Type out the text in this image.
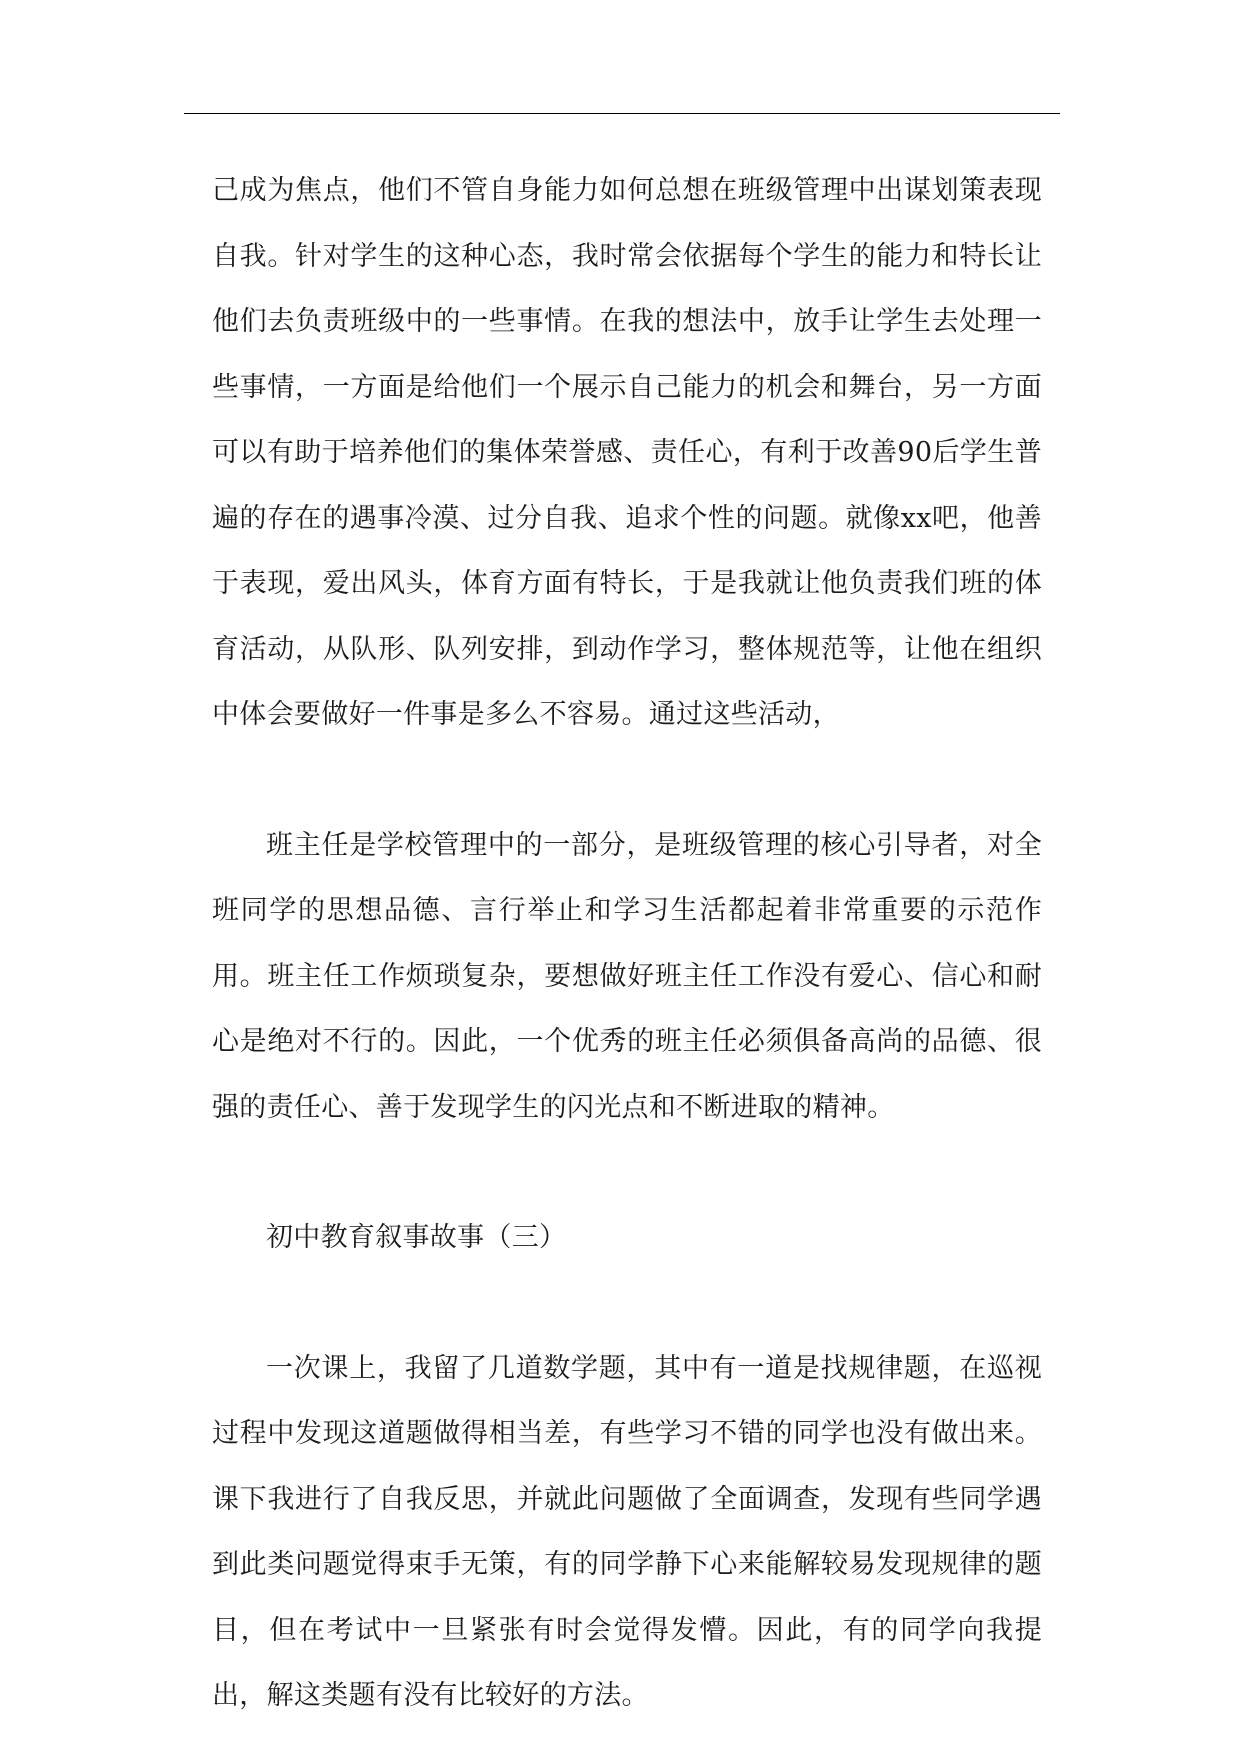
己成为焦点，他们不管自身能力如何总想在班级管理中出谋划策表现自我。针对学生的这种心态，我时常会依据每个学生的能力和特长让他们去负责班级中的一些事情。在我的想法中，放手让学生去处理一些事情，一方面是给他们一个展示自己能力的机会和舞台，另一方面可以有助于培养他们的集体荣誉感、责任心，有利于改善90后学生普遍的存在的遇事冷漠、过分自我、追求个性的问题。就像xx吧，他善于表现，爱出风头，体育方面有特长，于是我就让他负责我们班的体育活动，从队形、队列安排，到动作学习，整体规范等，让他在组织中体会要做好一件事是多么不容易。通过这些活动，

班主任是学校管理中的一部分，是班级管理的核心引导者，对全班同学的思想品德、言行举止和学习生活都起着非常重要的示范作用。班主任工作烦琐复杂，要想做好班主任工作没有爱心、信心和耐心是绝对不行的。因此，一个优秀的班主任必须俱备高尚的品德、很强的责任心、善于发现学生的闪光点和不断进取的精神。

初中教育叙事故事（三）

一次课上，我留了几道数学题，其中有一道是找规律题，在巡视过程中发现这道题做得相当差，有些学习不错的同学也没有做出来。课下我进行了自我反思，并就此问题做了全面调查，发现有些同学遇到此类问题觉得束手无策，有的同学静下心来能解较易发现规律的题目，但在考试中一旦紧张有时会觉得发懵。因此，有的同学向我提出，解这类题有没有比较好的方法。
